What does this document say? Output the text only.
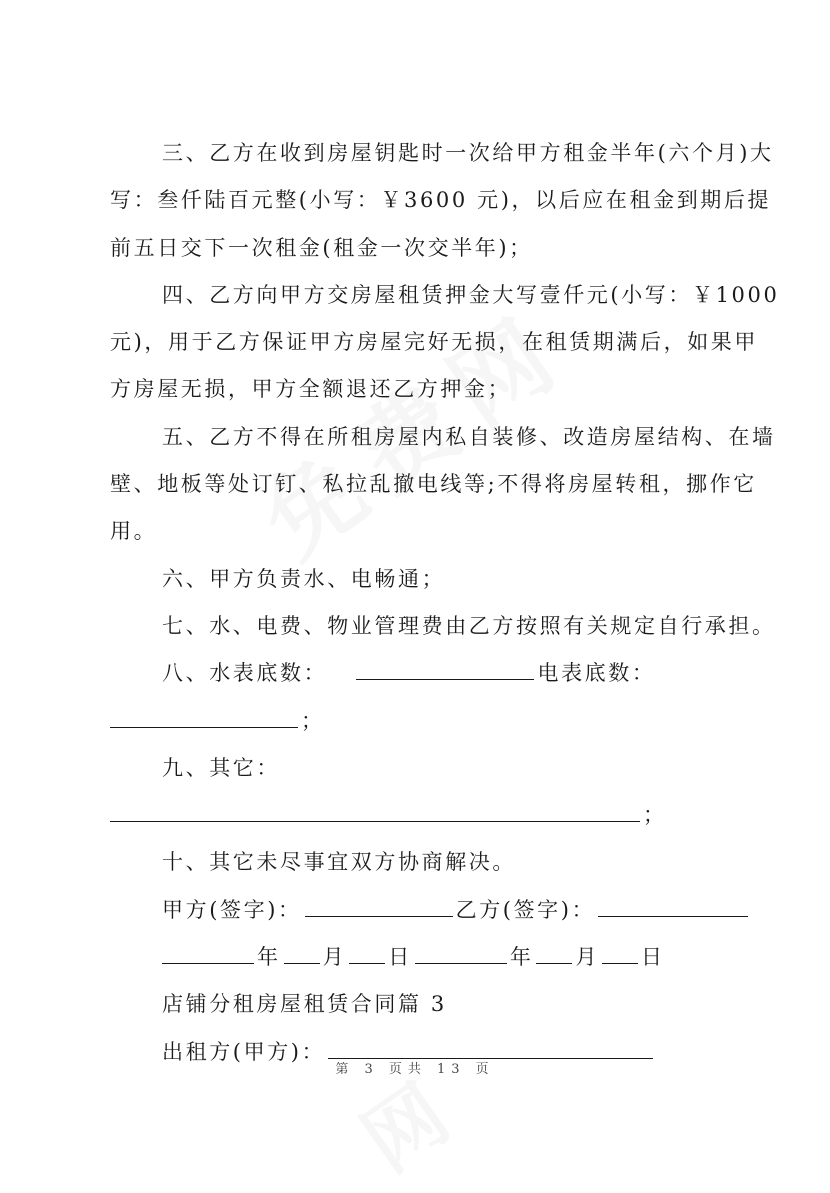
三、乙方在收到房屋钥匙时一次给甲方租金半年(六个月)大
写：叁仟陆百元整(小写：￥3600 元)，以后应在租金到期后提
前五日交下一次租金(租金一次交半年)；
四、乙方向甲方交房屋租赁押金大写壹仟元(小写：￥1000
元)，用于乙方保证甲方房屋完好无损，在租赁期满后，如果甲
方房屋无损，甲方全额退还乙方押金；
五、乙方不得在所租房屋内私自装修、改造房屋结构、在墙
壁、地板等处订钉、私拉乱撤电线等;不得将房屋转租，挪作它
用。
六、甲方负责水、电畅通；
七、水、电费、物业管理费由乙方按照有关规定自行承担。
八、水表底数：	电表底数：
；
九、其它：
；
十、其它未尽事宜双方协商解决。
甲方(签字)：	乙方(签字)：
年 月 日	年 月 日
店铺分租房屋租赁合同篇 3
出租方(甲方)：
第 3 页共 13 页
